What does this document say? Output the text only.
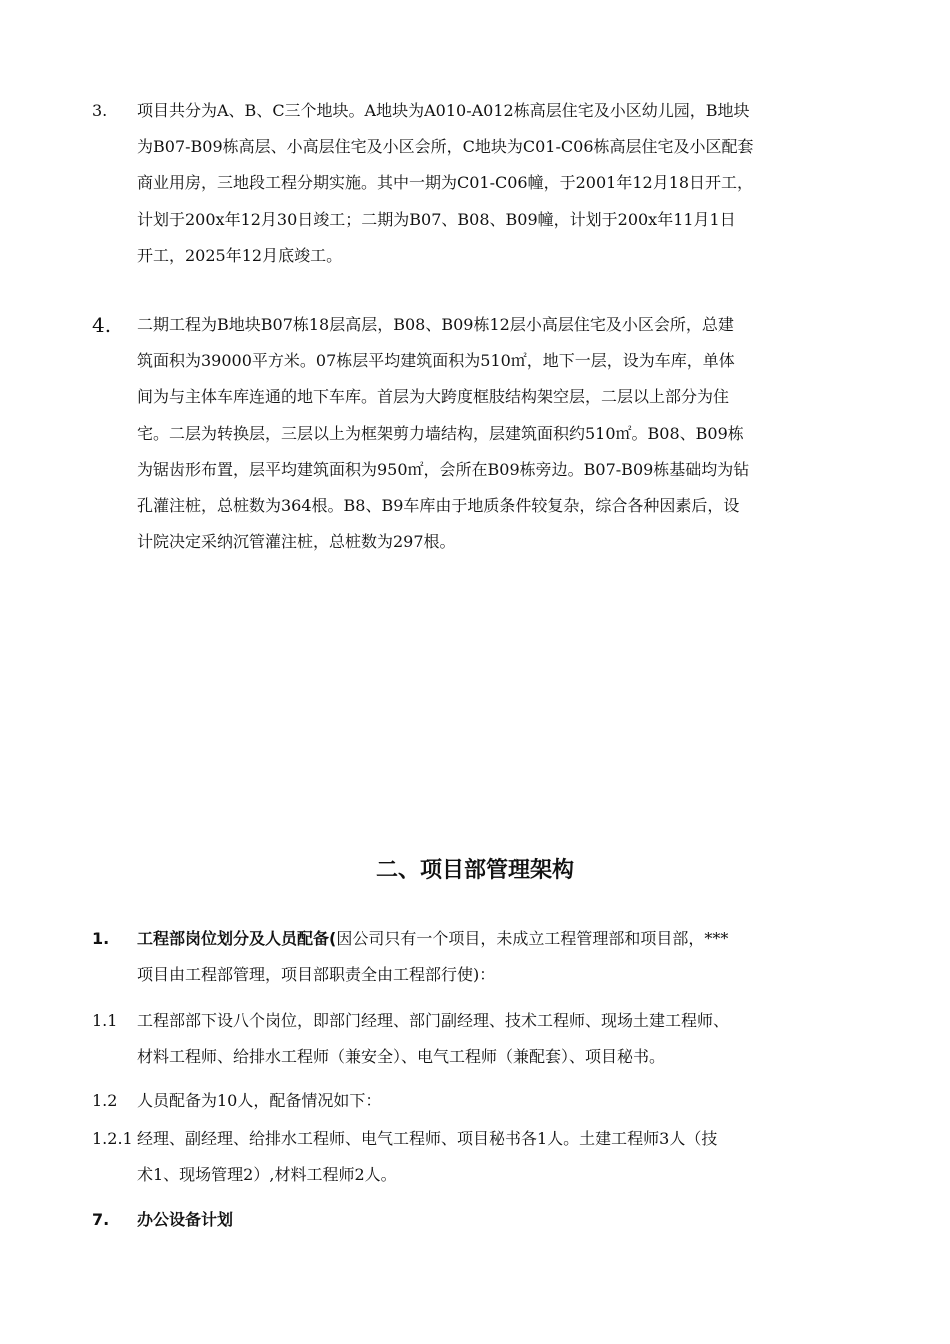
3. 项目共分为A、B、C三个地块。A地块为A010-A012栋高层住宅及小区幼儿园，B地块
为B07-B09栋高层、小高层住宅及小区会所，C地块为C01-C06栋高层住宅及小区配套
商业用房，三地段工程分期实施。其中一期为C01-C06幢，于2001年12月18日开工，
计划于200x年12月30日竣工；二期为B07、B08、B09幢，计划于200x年11月1日
开工，2025年12月底竣工。
4. 二期工程为B地块B07栋18层高层，B08、B09栋12层小高层住宅及小区会所，总建
筑面积为39000平方米。07栋层平均建筑面积为510㎡，地下一层，设为车库，单体
间为与主体车库连通的地下车库。首层为大跨度框肢结构架空层，二层以上部分为住
宅。二层为转换层，三层以上为框架剪力墙结构，层建筑面积约510㎡。B08、B09栋
为锯齿形布置，层平均建筑面积为950㎡，会所在B09栋旁边。B07-B09栋基础均为钻
孔灌注桩，总桩数为364根。B8、B9车库由于地质条件较复杂，综合各种因素后，设
计院决定采纳沉管灌注桩，总桩数为297根。
二、项目部管理架构
1. 工程部岗位划分及人员配备(因公司只有一个项目，未成立工程管理部和项目部，***
项目由工程部管理，项目部职责全由工程部行使)：
1.1 工程部部下设八个岗位，即部门经理、部门副经理、技术工程师、现场土建工程师、
材料工程师、给排水工程师（兼安全）、电气工程师（兼配套）、项目秘书。
1.2 人员配备为10人，配备情况如下：
1.2.1 经理、副经理、给排水工程师、电气工程师、项目秘书各1人。土建工程师3人（技
术1、现场管理2）,材料工程师2人。
7. 办公设备计划
